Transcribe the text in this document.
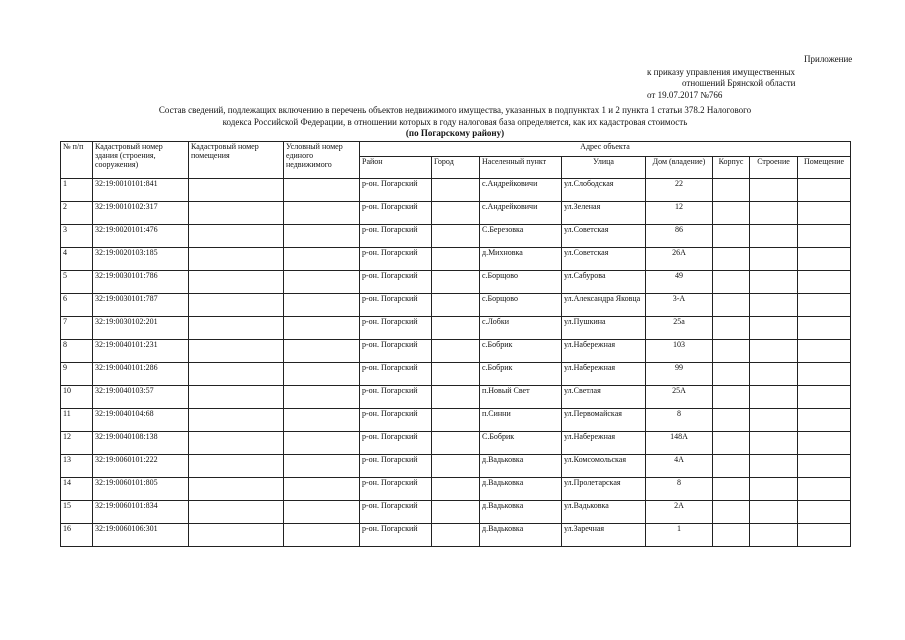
Приложение
к приказу управления имущественных
отношений Брянской области
от 19.07.2017 №766
Состав сведений, подлежащих включению в перечень объектов недвижимого имущества, указанных в подпунктах 1 и 2 пункта 1 статьи 378.2 Налогового
кодекса Российской Федерации, в отношении которых в году налоговая база определяется, как их кадастровая стоимость
(по Погарскому району)
№ п/п	Кадастровый номер здания (строения, сооружения)	Кадастровый номер помещения	Условный номер единого недвижимого	Адрес объекта							
				Район	Город	Населенный пункт	Улица	Дом (владение)	Корпус	Строение	Помещение
1	32:19:0010101:841			р-он. Погарский		с.Андрейковичи	ул.Слободская	22			
2	32:19:0010102:317			р-он. Погарский		с.Андрейковичи	ул.Зеленая	12			
3	32:19:0020101:476			р-он. Погарский		С.Березовка	ул.Советская	86			
4	32:19:0020103:185			р-он. Погарский		д.Михновка	ул.Советская	26А			
5	32:19:0030101:786			р-он. Погарский		с.Борщово	ул.Сабурова	49			
6	32:19:0030101:787			р-он. Погарский		с.Борщово	ул.Александра Яковца	3-А			
7	32:19:0030102:201			р-он. Погарский		с.Лобки	ул.Пушкина	25а			
8	32:19:0040101:231			р-он. Погарский		с.Бобрик	ул.Набережная	103			
9	32:19:0040101:286			р-он. Погарский		с.Бобрик	ул.Набережная	99			
10	32:19:0040103:57			р-он. Погарский		п.Новый Свет	ул.Светлая	25А			
11	32:19:0040104:68			р-он. Погарский		п.Синни	ул.Первомайская	8			
12	32:19:0040108:138			р-он. Погарский		С.Бобрик	ул.Набережная	148А			
13	32:19:0060101:222			р-он. Погарский		д.Вадьковка	ул.Комсомольская	4А			
14	32:19:0060101:805			р-он. Погарский		д.Вадьковка	ул.Пролетарская	8			
15	32:19:0060101:834			р-он. Погарский		д.Вадьковка	ул.Вадьковка	2А			
16	32:19:0060106:301			р-он. Погарский		д.Вадьковка	ул.Заречная	1			
